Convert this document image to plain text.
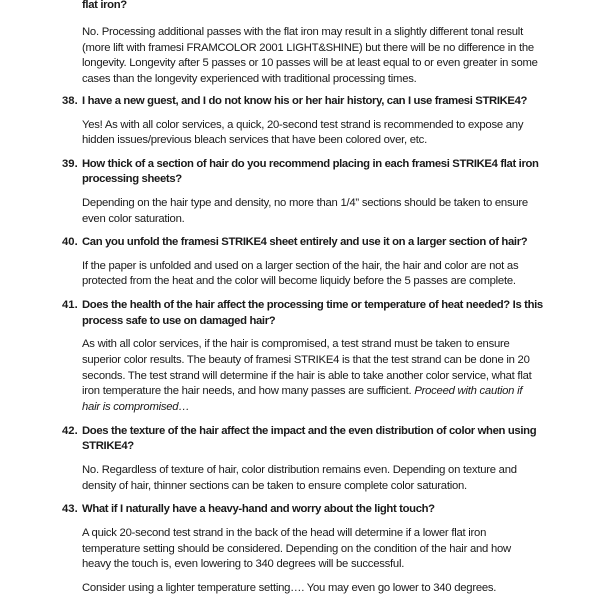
flat iron?
No. Processing additional passes with the flat iron may result in a slightly different tonal result
(more lift with framesi FRAMCOLOR 2001 LIGHT&SHINE) but there will be no difference in the
longevity. Longevity after 5 passes or 10 passes will be at least equal to or even greater in some
cases than the longevity experienced with traditional processing times.
38. I have a new guest, and I do not know his or her hair history, can I use framesi STRIKE4?
Yes! As with all color services, a quick, 20-second test strand is recommended to expose any
hidden issues/previous bleach services that have been colored over, etc.
39. How thick of a section of hair do you recommend placing in each framesi STRIKE4 flat iron
processing sheets?
Depending on the hair type and density, no more than 1/4” sections should be taken to ensure
even color saturation.
40. Can you unfold the framesi STRIKE4 sheet entirely and use it on a larger section of hair?
If the paper is unfolded and used on a larger section of the hair, the hair and color are not as
protected from the heat and the color will become liquidy before the 5 passes are complete.
41. Does the health of the hair affect the processing time or temperature of heat needed? Is this
process safe to use on damaged hair?
As with all color services, if the hair is compromised, a test strand must be taken to ensure
superior color results. The beauty of framesi STRIKE4 is that the test strand can be done in 20
seconds. The test strand will determine if the hair is able to take another color service, what flat
iron temperature the hair needs, and how many passes are sufficient. Proceed with caution if
hair is compromised…
42. Does the texture of the hair affect the impact and the even distribution of color when using
STRIKE4?
No. Regardless of texture of hair, color distribution remains even. Depending on texture and
density of hair, thinner sections can be taken to ensure complete color saturation.
43. What if I naturally have a heavy-hand and worry about the light touch?
A quick 20-second test strand in the back of the head will determine if a lower flat iron
temperature setting should be considered. Depending on the condition of the hair and how
heavy the touch is, even lowering to 340 degrees will be successful.
Consider using a lighter temperature setting…. You may even go lower to 340 degrees.
